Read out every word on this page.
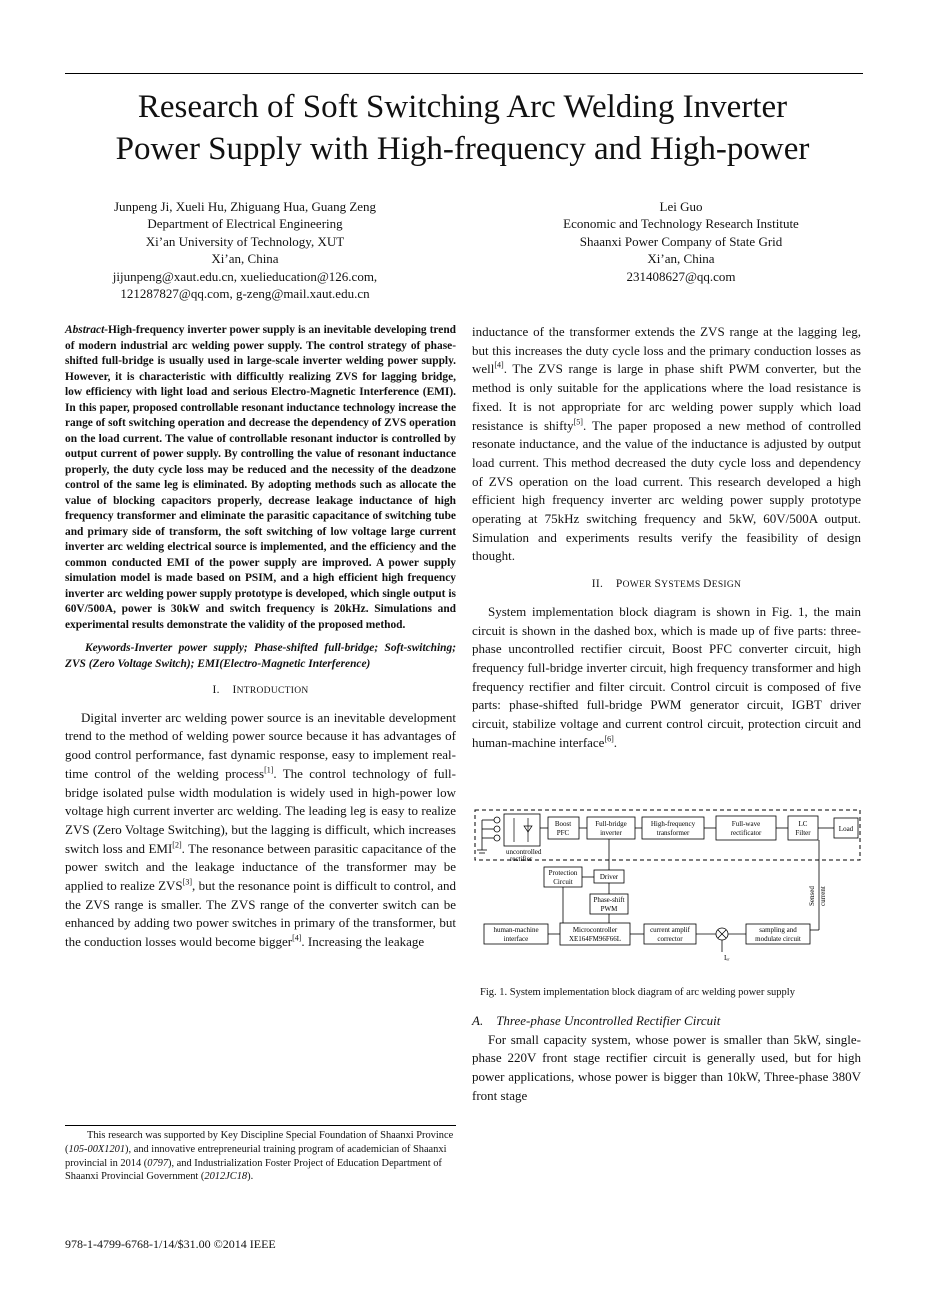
Research of Soft Switching Arc Welding Inverter
Power Supply with High-frequency and High-power
Junpeng Ji, Xueli Hu, Zhiguang Hua, Guang Zeng
Department of Electrical Engineering
Xi’an University of Technology, XUT
Xi’an, China
jijunpeng@xaut.edu.cn, xuelieducation@126.com,
121287827@qq.com, g-zeng@mail.xaut.edu.cn
Lei Guo
Economic and Technology Research Institute
Shaanxi Power Company of State Grid
Xi’an, China
231408627@qq.com

Abstract-High-frequency inverter power supply is an inevitable developing trend of modern industrial arc welding power supply. The control strategy of phase-shifted full-bridge is usually used in large-scale inverter welding power supply. However, it is characteristic with difficultly realizing ZVS for lagging bridge, low efficiency with light load and serious Electro-Magnetic Interference (EMI). In this paper, proposed controllable resonant inductance technology increase the range of soft switching operation and decrease the dependency of ZVS operation on the load current. The value of controllable resonant inductor is controlled by output current of power supply. By controlling the value of resonant inductance properly, the duty cycle loss may be reduced and the necessity of the deadzone control of the same leg is eliminated. By adopting methods such as allocate the value of blocking capacitors properly, decrease leakage inductance of high frequency transformer and eliminate the parasitic capacitance of switching tube and primary side of transform, the soft switching of low voltage large current inverter arc welding electrical source is implemented, and the efficiency and the common conducted EMI of the power supply are improved. A power supply simulation model is made based on PSIM, and a high efficient high frequency inverter arc welding power supply prototype is developed, which single output is 60V/500A, power is 30kW and switch frequency is 20kHz. Simulations and experimental results demonstrate the validity of the proposed method.

Keywords-Inverter power supply; Phase-shifted full-bridge; Soft-switching; ZVS (Zero Voltage Switch); EMI(Electro-Magnetic Interference)

I. INTRODUCTION

Digital inverter arc welding power source is an inevitable development trend to the method of welding power source because it has advantages of good control performance, fast dynamic response, easy to implement real-time control of the welding process[1]. The control technology of full-bridge isolated pulse width modulation is widely used in high-power low voltage high current inverter arc welding. The leading leg is easy to realize ZVS (Zero Voltage Switching), but the lagging is difficult, which increases switch loss and EMI[2]. The resonance between parasitic capacitance of the power switch and the leakage inductance of the transformer may be applied to realize ZVS[3], but the resonance point is difficult to control, and the ZVS range is smaller. The ZVS range of the converter switch can be enhanced by adding two power switches in primary of the transformer, but the conduction losses would become bigger[4]. Increasing the leakage

This research was supported by Key Discipline Special Foundation of Shaanxi Province (105-00X1201), and innovative entrepreneurial training program of academician of Shaanxi provincial in 2014 (0797), and Industrialization Foster Project of Education Department of Shaanxi Provincial Government (2012JC18).

978-1-4799-6768-1/14/$31.00 ©2014 IEEE

inductance of the transformer extends the ZVS range at the lagging leg, but this increases the duty cycle loss and the primary conduction losses as well[4]. The ZVS range is large in phase shift PWM converter, but the method is only suitable for the applications where the load resistance is fixed. It is not appropriate for arc welding power supply which load resistance is shifty[5]. The paper proposed a new method of controlled resonate inductance, and the value of the inductance is adjusted by output load current. This method decreased the duty cycle loss and dependency of ZVS operation on the load current. This research developed a high efficient high frequency inverter arc welding power supply prototype operating at 75kHz switching frequency and 5kW, 60V/500A output. Simulation and experiments results verify the feasibility of design thought.

II. POWER SYSTEMS DESIGN

System implementation block diagram is shown in Fig. 1, the main circuit is shown in the dashed box, which is made up of five parts: three-phase uncontrolled rectifier circuit, Boost PFC converter circuit, high frequency full-bridge inverter circuit, high frequency transformer and high frequency rectifier and filter circuit. Control circuit is composed of five parts: phase-shifted full-bridge PWM generator circuit, IGBT driver circuit, stabilize voltage and current control circuit, protection circuit and human-machine interface[6].

uncontrolled
rectifier
Boost
PFC
Full-bridge
inverter
High-frequency
transformer
Full-wave
rectificator
LC
Filter	Load
Sensed current
Protection
Circuit
Driver
Phase-shift
PWM
human-machine
interface
Microcontroller
XE164FM96F66L
current amplif
corrector
Iₑᵣ
sampling and
modulate circuit
Fig. 1. System implementation block diagram of arc welding power supply

A. Three-phase Uncontrolled Rectifier Circuit

For small capacity system, whose power is smaller than 5kW, single-phase 220V front stage rectifier circuit is generally used, but for high power applications, whose power is bigger than 10kW, Three-phase 380V front stage
